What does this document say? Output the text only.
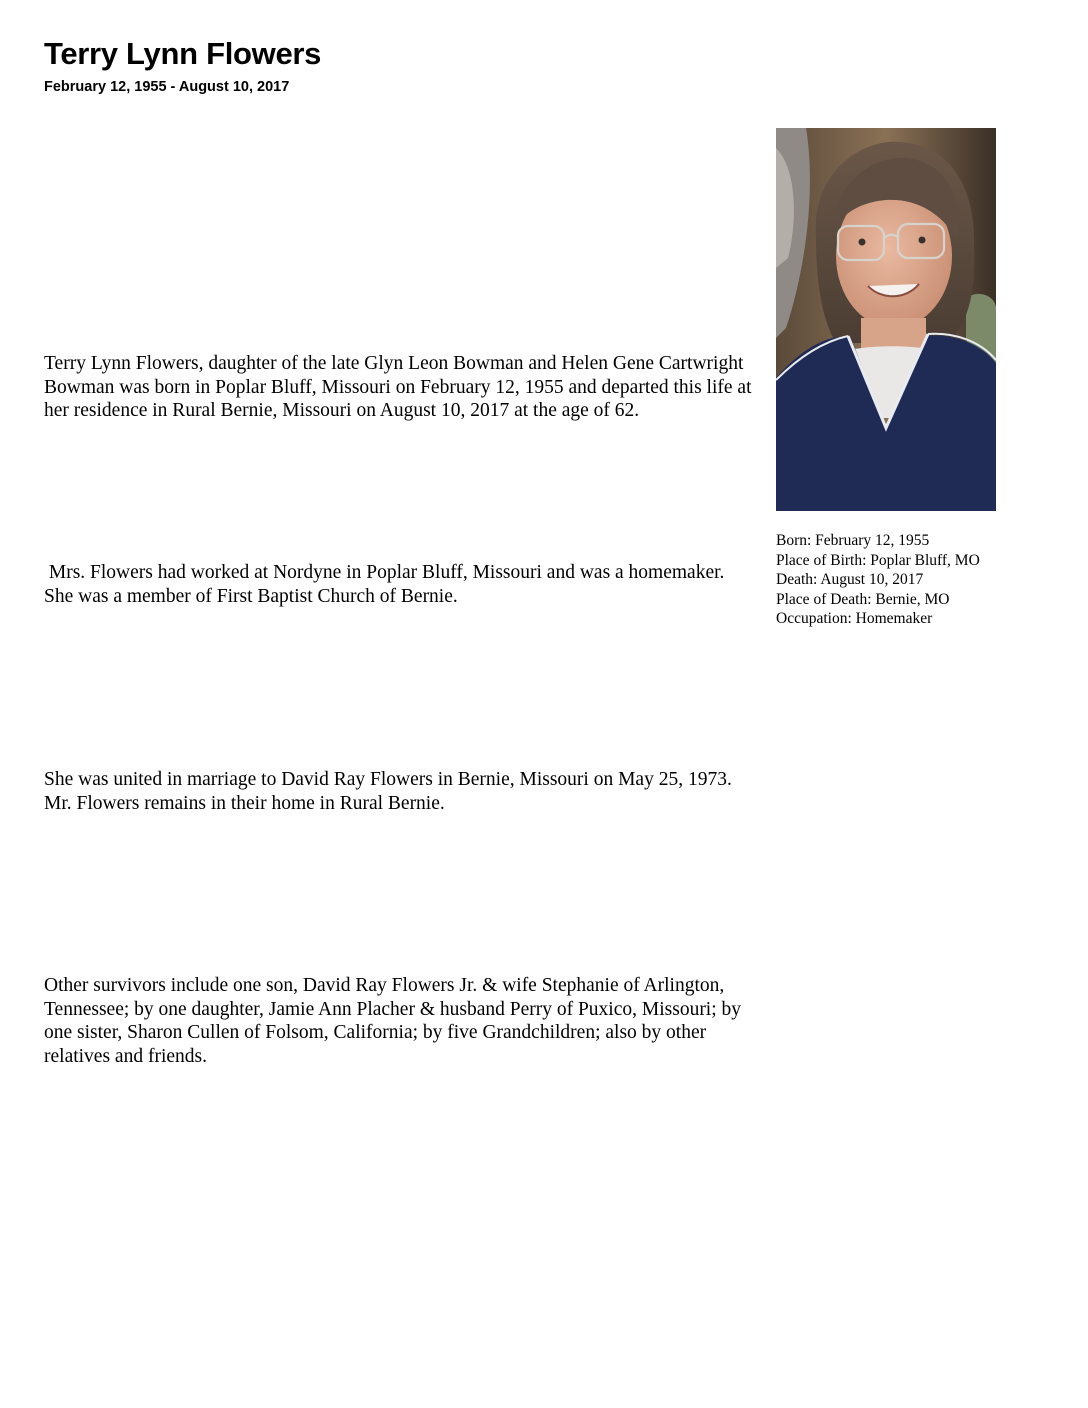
Terry Lynn Flowers

February 12, 1955 - August 10, 2017

Terry Lynn Flowers, daughter of the late Glyn Leon Bowman and Helen Gene Cartwright Bowman was born in Poplar Bluff, Missouri on February 12, 1955 and departed this life at her residence in Rural Bernie, Missouri on August 10, 2017 at the age of 62.

Mrs. Flowers had worked at Nordyne in Poplar Bluff, Missouri and was a homemaker. She was a member of First Baptist Church of Bernie.

She was united in marriage to David Ray Flowers in Bernie, Missouri on May 25, 1973. Mr. Flowers remains in their home in Rural Bernie.

Other survivors include one son, David Ray Flowers Jr. & wife Stephanie of Arlington, Tennessee; by one daughter, Jamie Ann Placher & husband Perry of Puxico, Missouri; by one sister, Sharon Cullen of Folsom, California; by five Grandchildren; also by other relatives and friends.

Born: February 12, 1955
Place of Birth: Poplar Bluff, MO
Death: August 10, 2017
Place of Death: Bernie, MO
Occupation: Homemaker
